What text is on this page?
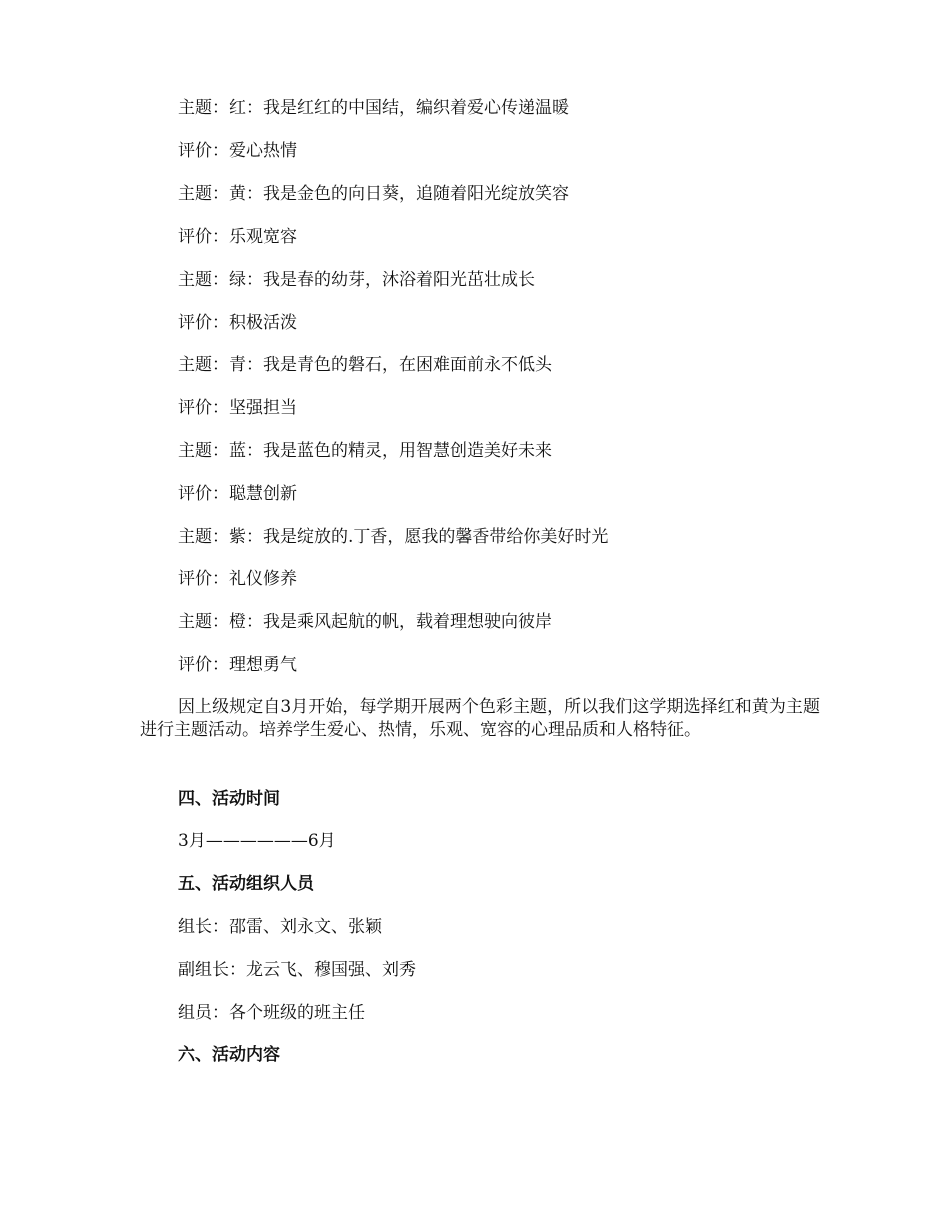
主题：红：我是红红的中国结，编织着爱心传递温暖
评价：爱心热情
主题：黄：我是金色的向日葵，追随着阳光绽放笑容
评价：乐观宽容
主题：绿：我是春的幼芽，沐浴着阳光茁壮成长
评价：积极活泼
主题：青：我是青色的磐石，在困难面前永不低头
评价：坚强担当
主题：蓝：我是蓝色的精灵，用智慧创造美好未来
评价：聪慧创新
主题：紫：我是绽放的.丁香，愿我的馨香带给你美好时光
评价：礼仪修养
主题：橙：我是乘风起航的帆，载着理想驶向彼岸
评价：理想勇气
因上级规定自3月开始，每学期开展两个色彩主题，所以我们这学期选择红和黄为主题进行主题活动。培养学生爱心、热情，乐观、宽容的心理品质和人格特征。
四、活动时间
3月——————6月
五、活动组织人员
组长：邵雷、刘永文、张颖
副组长：龙云飞、穆国强、刘秀
组员：各个班级的班主任
六、活动内容
